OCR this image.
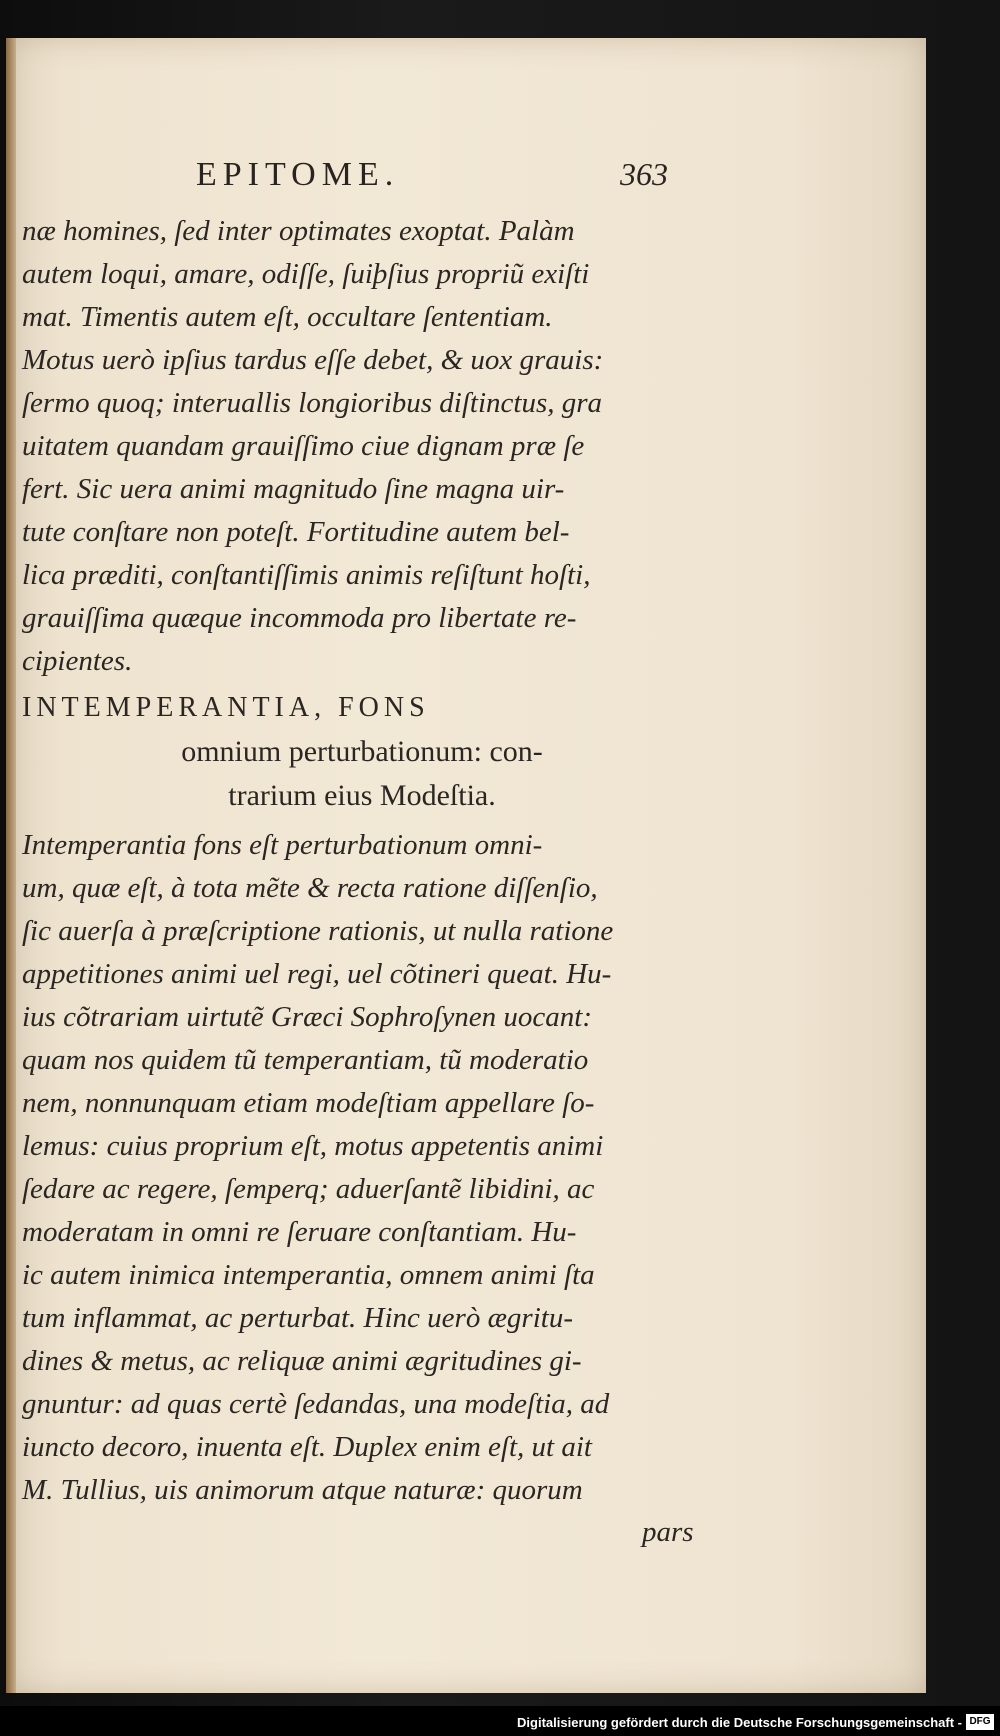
EPITOME.	363
næ homines, ſed inter optimates exoptat. Palàm
autem loqui, amare, odiſſe, ſuiþſius propriũ exiſti
mat. Timentis autem eſt, occultare ſententiam.
Motus uerò ipſius tardus eſſe debet, & uox grauis:
ſermo quoq; interuallis longioribus diſtinctus, gra
uitatem quandam grauiſſimo ciue dignam præ ſe
fert. Sic uera animi magnitudo ſine magna uir-
tute conſtare non poteſt. Fortitudine autem bel-
lica præditi, conſtantiſſimis animis reſiſtunt hoſti,
grauiſſima quæque incommoda pro libertate re-
cipientes.
INTEMPERANTIA, FONS
omnium perturbationum: con-
trarium eius Modeſtia.
Intemperantia fons eſt perturbationum omni-
um, quæ eſt, à tota mẽte & recta ratione diſſenſio,
ſic auerſa à præſcriptione rationis, ut nulla ratione
appetitiones animi uel regi, uel cõtineri queat. Hu-
ius cõtrariam uirtutẽ Græci Sophroſynen uocant:
quam nos quidem tũ temperantiam, tũ moderatio
nem, nonnunquam etiam modeſtiam appellare ſo-
lemus: cuius proprium eſt, motus appetentis animi
ſedare ac regere, ſemperq; aduerſantẽ libidini, ac
moderatam in omni re ſeruare conſtantiam. Hu-
ic autem inimica intemperantia, omnem animi ſta
tum inflammat, ac perturbat. Hinc uerò ægritu-
dines & metus, ac reliquæ animi ægritudines gi-
gnuntur: ad quas certè ſedandas, una modeſtia, ad
iuncto decoro, inuenta eſt. Duplex enim eſt, ut ait
M. Tullius, uis animorum atque naturæ: quorum
pars
Digitalisierung gefördert durch die Deutsche Forschungsgemeinschaft - DFG
